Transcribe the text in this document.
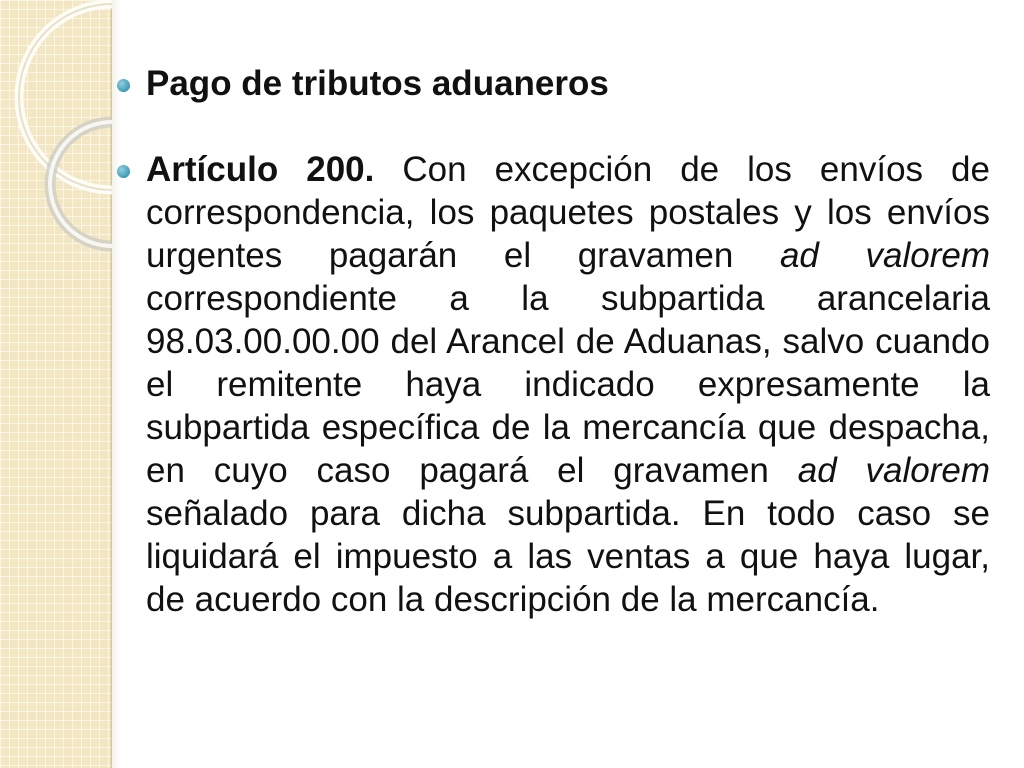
Pago de tributos aduaneros
Artículo 200. Con excepción de los envíos de correspondencia, los paquetes postales y los envíos urgentes pagarán el gravamen ad valorem correspondiente a la subpartida arancelaria 98.03.00.00.00 del Arancel de Aduanas, salvo cuando el remitente haya indicado expresamente la subpartida específica de la mercancía que despacha, en cuyo caso pagará el gravamen ad valorem señalado para dicha subpartida. En todo caso se liquidará el impuesto a las ventas a que haya lugar, de acuerdo con la descripción de la mercancía.
